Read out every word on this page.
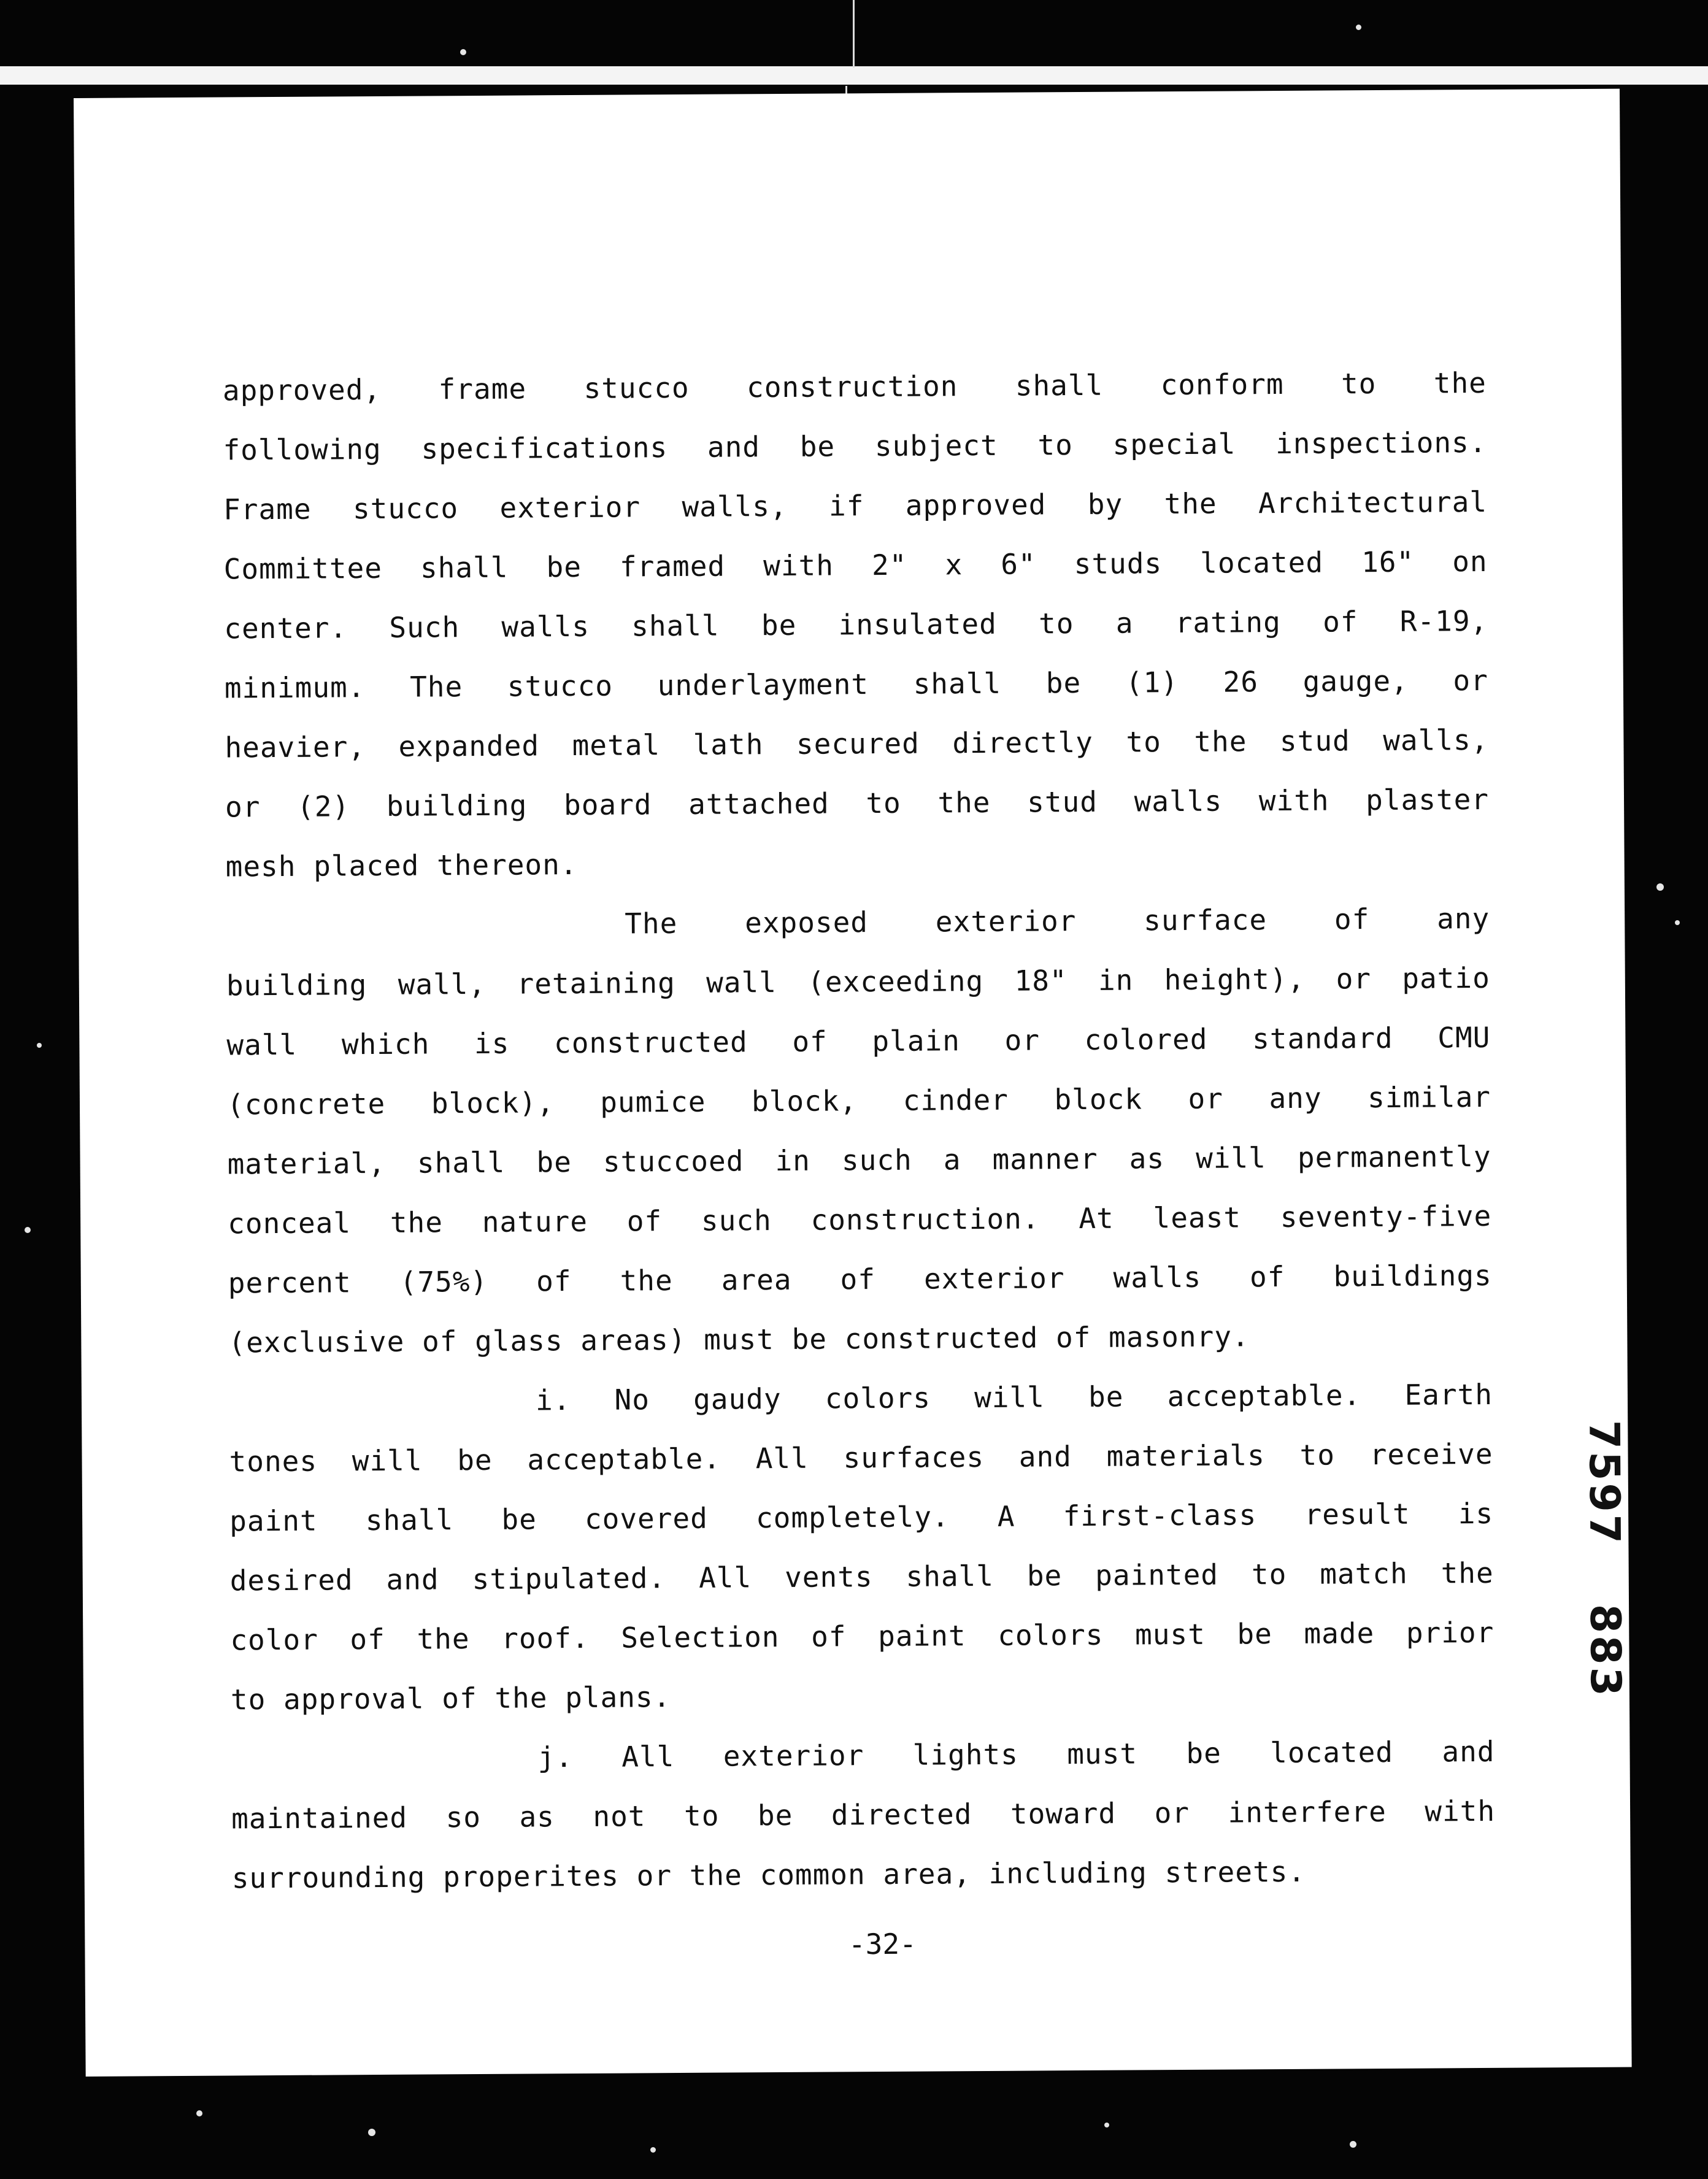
approved, frame stucco construction shall conform to the
following specifications and be subject to special inspections.
Frame stucco exterior walls, if approved by the Architectural
Committee shall be framed with 2" x 6" studs located 16" on
center. Such walls shall be insulated to a rating of R-19,
minimum. The stucco underlayment shall be (1) 26 gauge, or
heavier, expanded metal lath secured directly to the stud walls,
or (2) building board attached to the stud walls with plaster
mesh placed thereon.
The exposed exterior surface of any
building wall, retaining wall (exceeding 18" in height), or patio
wall which is constructed of plain or colored standard CMU
(concrete block), pumice block, cinder block or any similar
material, shall be stuccoed in such a manner as will permanently
conceal the nature of such construction. At least seventy-five
percent (75%) of the area of exterior walls of buildings
(exclusive of glass areas) must be constructed of masonry.
i. No gaudy colors will be acceptable. Earth
tones will be acceptable. All surfaces and materials to receive
paint shall be covered completely. A first-class result is
desired and stipulated. All vents shall be painted to match the
color of the roof. Selection of paint colors must be made prior
to approval of the plans.
j. All exterior lights must be located and
maintained so as not to be directed toward or interfere with
surrounding properites or the common area, including streets.
-32-
7597
883
